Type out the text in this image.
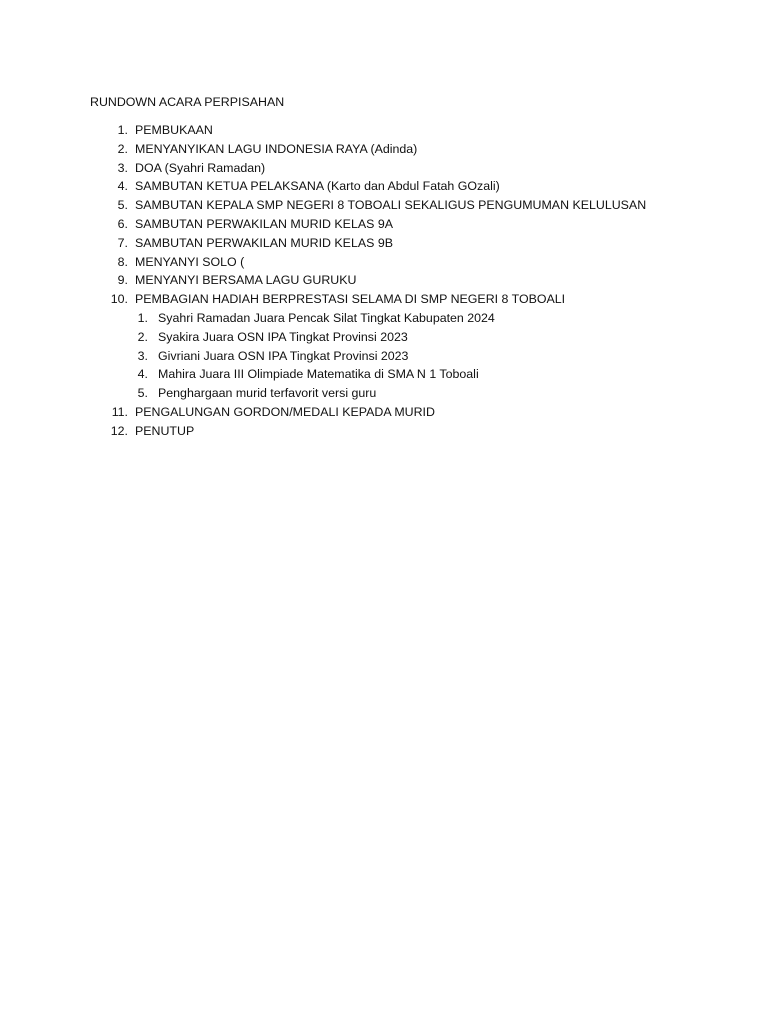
RUNDOWN ACARA PERPISAHAN
1. PEMBUKAAN
2. MENYANYIKAN LAGU INDONESIA RAYA (Adinda)
3. DOA (Syahri Ramadan)
4. SAMBUTAN KETUA PELAKSANA (Karto dan Abdul Fatah GOzali)
5. SAMBUTAN KEPALA SMP NEGERI 8 TOBOALI SEKALIGUS PENGUMUMAN KELULUSAN
6. SAMBUTAN PERWAKILAN MURID KELAS 9A
7. SAMBUTAN PERWAKILAN MURID KELAS 9B
8. MENYANYI SOLO (
9. MENYANYI BERSAMA LAGU GURUKU
10. PEMBAGIAN HADIAH BERPRESTASI SELAMA DI SMP NEGERI 8 TOBOALI
1. Syahri Ramadan Juara Pencak Silat Tingkat Kabupaten 2024
2. Syakira Juara OSN IPA Tingkat Provinsi 2023
3. Givriani Juara OSN IPA Tingkat Provinsi 2023
4. Mahira Juara III Olimpiade Matematika di SMA N 1 Toboali
5. Penghargaan murid terfavorit versi guru
11. PENGALUNGAN GORDON/MEDALI KEPADA MURID
12. PENUTUP
